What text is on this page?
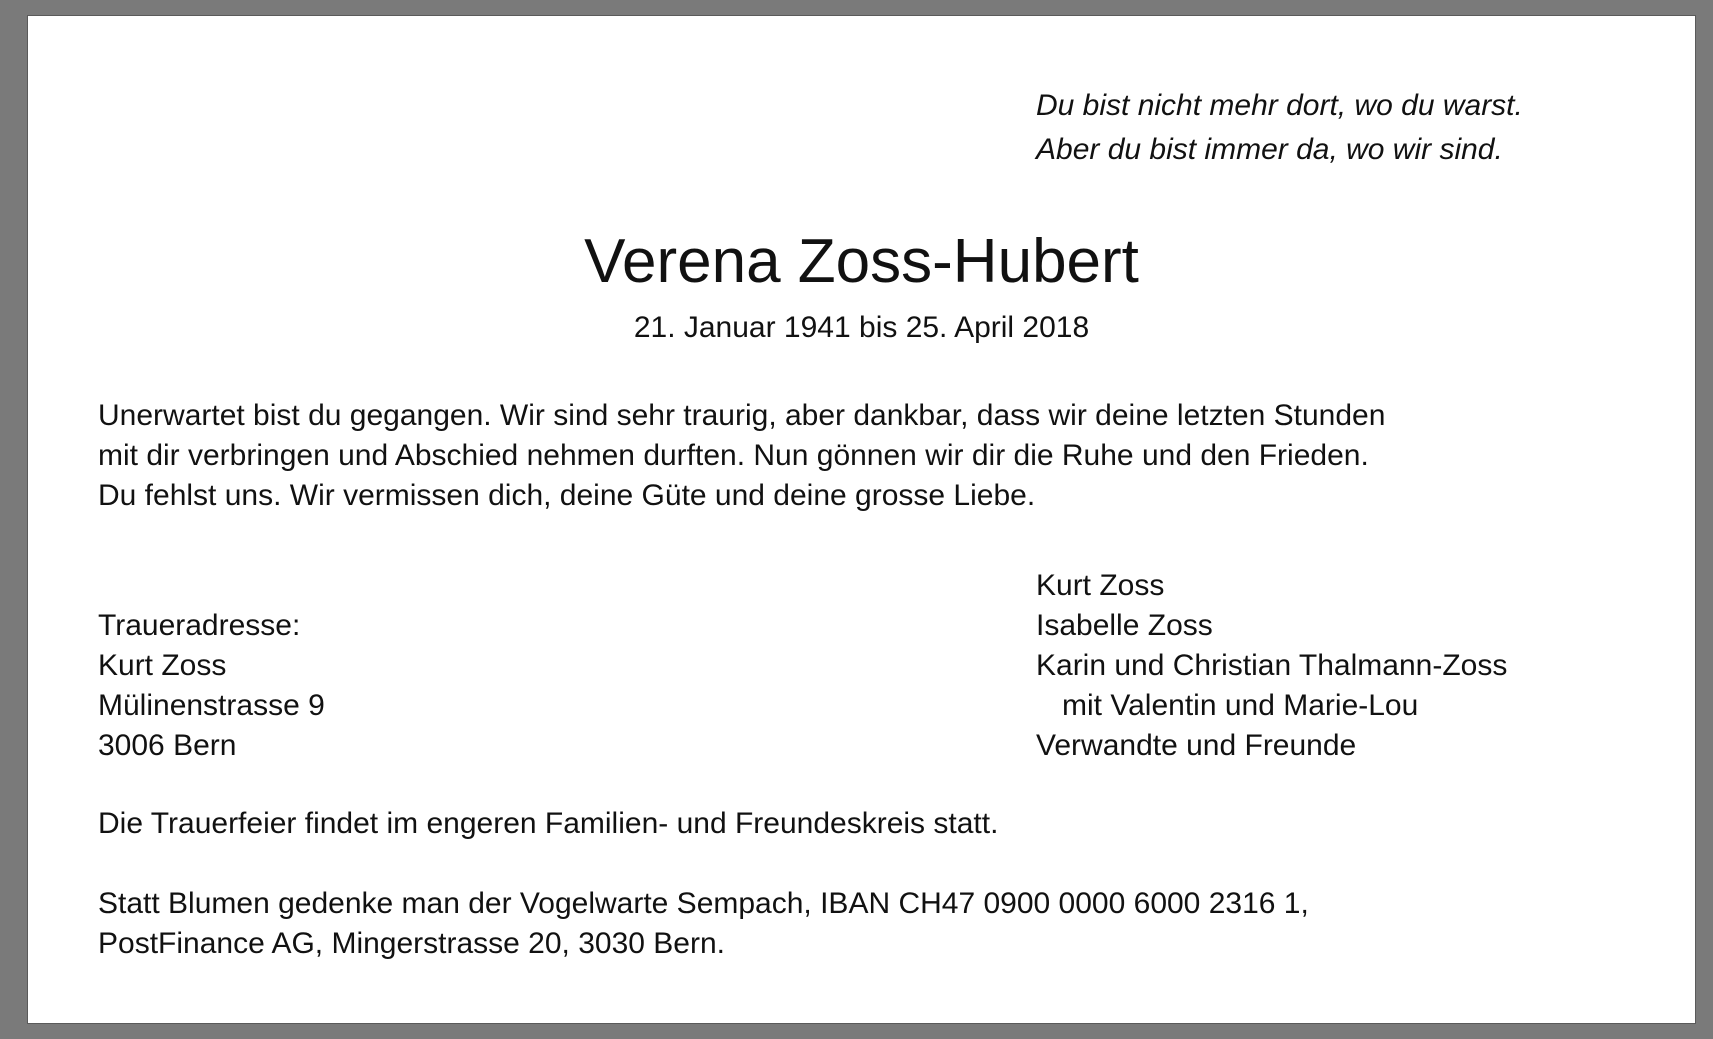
Du bist nicht mehr dort, wo du warst.
Aber du bist immer da, wo wir sind.
Verena Zoss-Hubert
21. Januar 1941 bis 25. April 2018
Unerwartet bist du gegangen. Wir sind sehr traurig, aber dankbar, dass wir deine letzten Stunden
mit dir verbringen und Abschied nehmen durften. Nun gönnen wir dir die Ruhe und den Frieden.
Du fehlst uns. Wir vermissen dich, deine Güte und deine grosse Liebe.
Traueradresse:
Kurt Zoss
Mülinenstrasse 9
3006 Bern
Kurt Zoss
Isabelle Zoss
Karin und Christian Thalmann-Zoss
mit Valentin und Marie-Lou
Verwandte und Freunde
Die Trauerfeier findet im engeren Familien- und Freundeskreis statt.
Statt Blumen gedenke man der Vogelwarte Sempach, IBAN CH47 0900 0000 6000 2316 1,
PostFinance AG, Mingerstrasse 20, 3030 Bern.
